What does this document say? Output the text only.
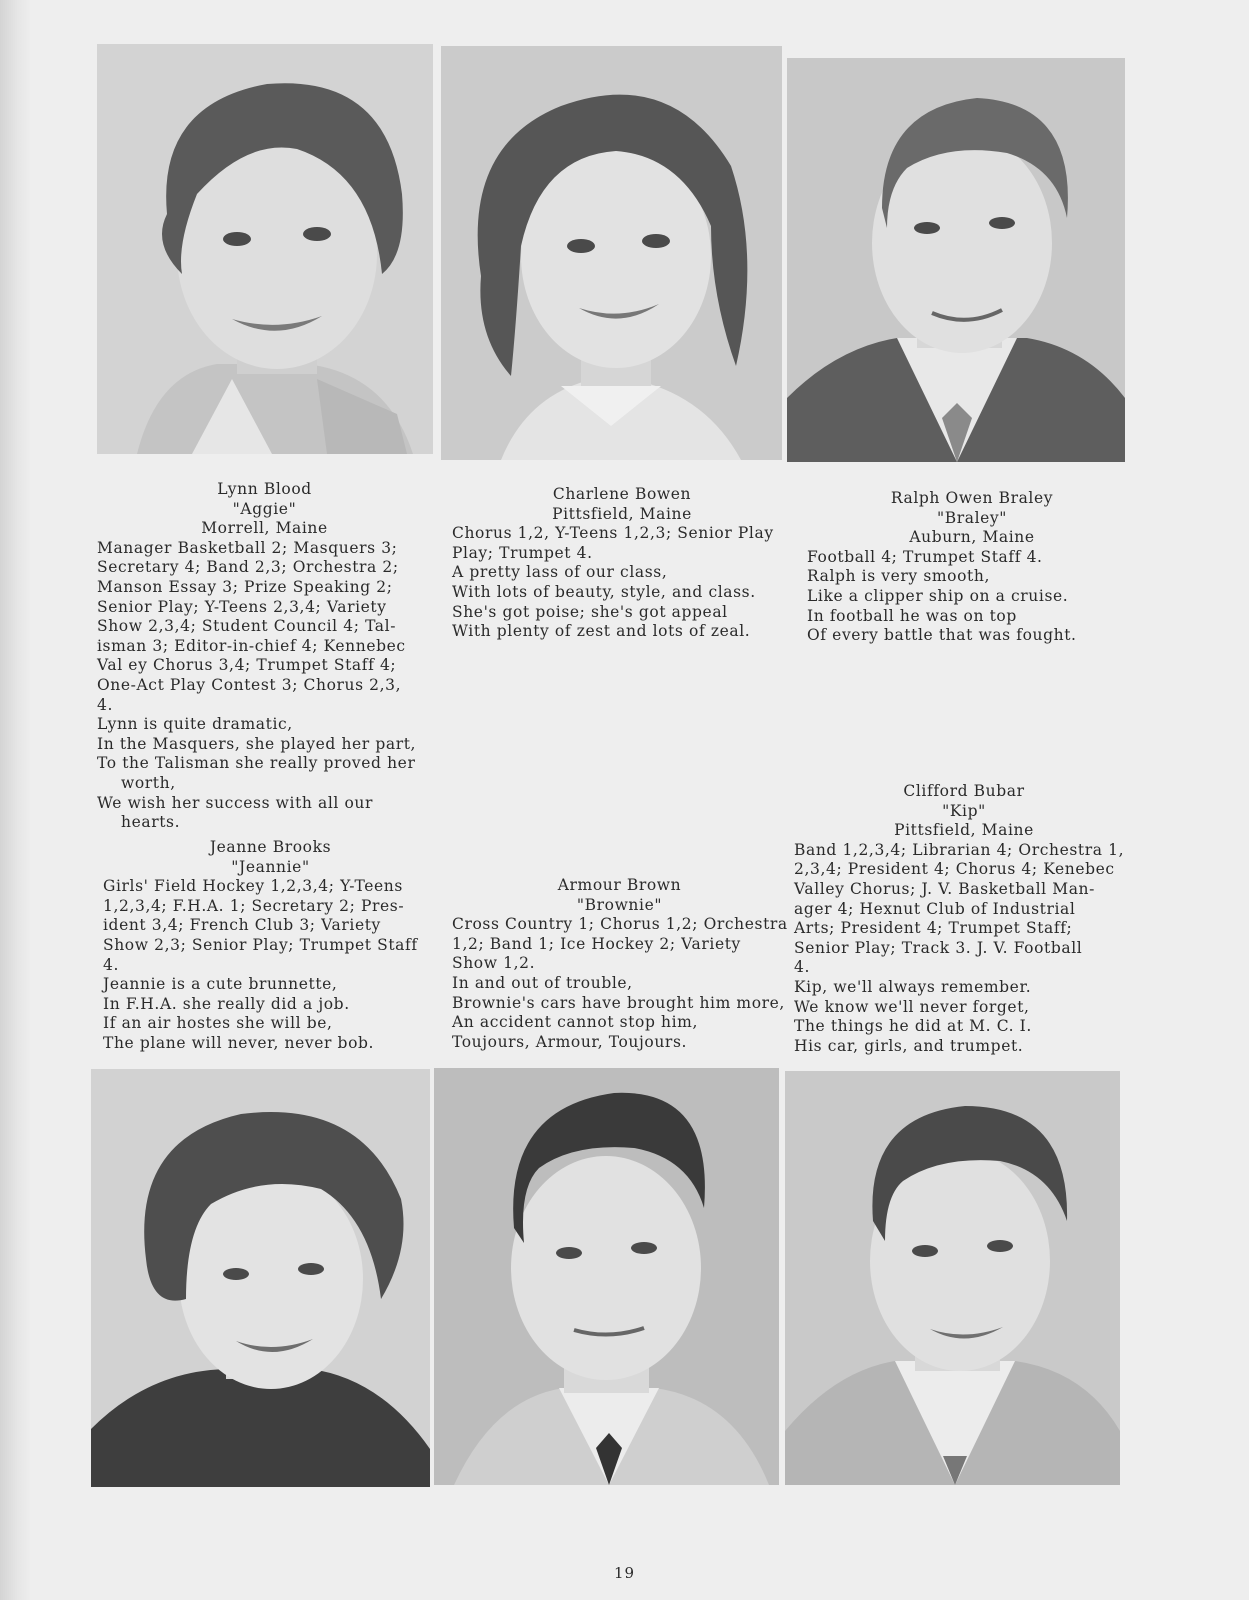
Lynn Blood
"Aggie"
Morrell, Maine
Manager Basketball 2; Masquers 3;
Secretary 4; Band 2,3; Orchestra 2;
Manson Essay 3; Prize Speaking 2;
Senior Play; Y-Teens 2,3,4; Variety
Show 2,3,4; Student Council 4; Tal-
isman 3; Editor-in-chief 4; Kennebec
Val ey Chorus 3,4; Trumpet Staff 4;
One-Act Play Contest 3; Chorus 2,3,
4.
Lynn is quite dramatic,
In the Masquers, she played her part,
To the Talisman she really proved her
worth,
We wish her success with all our
hearts.
Charlene Bowen
Pittsfield, Maine
Chorus 1,2, Y-Teens 1,2,3; Senior Play
Play; Trumpet 4.
A pretty lass of our class,
With lots of beauty, style, and class.
She's got poise; she's got appeal
With plenty of zest and lots of zeal.
Ralph Owen Braley
"Braley"
Auburn, Maine
Football 4; Trumpet Staff 4.
Ralph is very smooth,
Like a clipper ship on a cruise.
In football he was on top
Of every battle that was fought.
Jeanne Brooks
"Jeannie"
Girls' Field Hockey 1,2,3,4; Y-Teens
1,2,3,4; F.H.A. 1; Secretary 2; Pres-
ident 3,4; French Club 3; Variety
Show 2,3; Senior Play; Trumpet Staff
4.
Jeannie is a cute brunnette,
In F.H.A. she really did a job.
If an air hostes she will be,
The plane will never, never bob.
Armour Brown
"Brownie"
Cross Country 1; Chorus 1,2; Orchestra
1,2; Band 1; Ice Hockey 2; Variety
Show 1,2.
In and out of trouble,
Brownie's cars have brought him more,
An accident cannot stop him,
Toujours, Armour, Toujours.
Clifford Bubar
"Kip"
Pittsfield, Maine
Band 1,2,3,4; Librarian 4; Orchestra 1,
2,3,4; President 4; Chorus 4; Kenebec
Valley Chorus; J. V. Basketball Man-
ager 4; Hexnut Club of Industrial
Arts; President 4; Trumpet Staff;
Senior Play; Track 3. J. V. Football
4.
Kip, we'll always remember.
We know we'll never forget,
The things he did at M. C. I.
His car, girls, and trumpet.
19
